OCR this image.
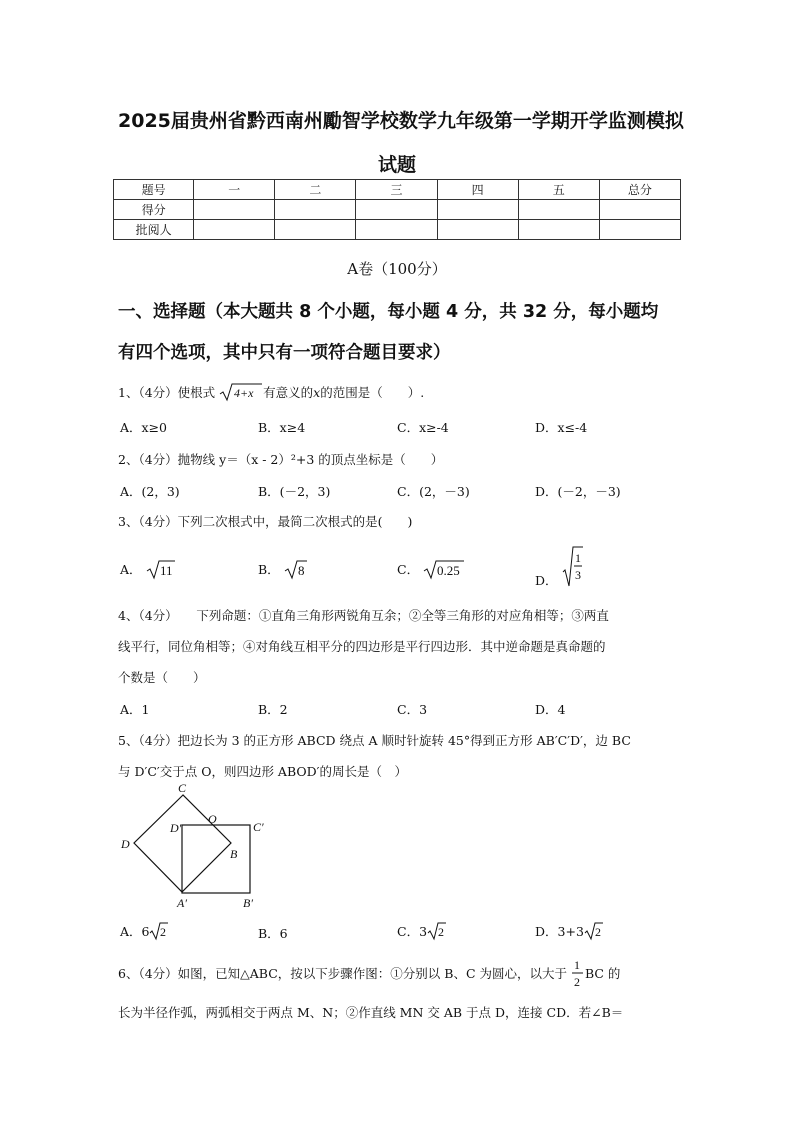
2025届贵州省黔西南州勵智学校数学九年级第一学期开学监测模拟
试题
题号	一	二	三	四	五	总分
得分						
批阅人						
A卷（100分）
一、选择题（本大题共 8 个小题，每小题 4 分，共 32 分，每小题均
有四个选项，其中只有一项符合题目要求）
1、（4分）使根式 4+x 有意义的x的范围是（　　）.
A．x≥0	B．x≥4	C．x≥-4	D．x≤-4
2、（4分）抛物线 y＝（x - 2）²+3 的顶点坐标是（　　）
A．(2，3)	B．(－2，3)	C．(2，－3)	D．(－2，－3)
3、（4分）下列二次根式中，最简二次根式的是(　　)
A． 11	B． 8	C． 0.25
D．
1
3
4、（4分）　　下列命题：①直角三角形两锐角互余；②全等三角形的对应角相等；③两直
线平行，同位角相等；④对角线互相平分的四边形是平行四边形．其中逆命题是真命题的
个数是（　　）
A．1	B．2	C．3	D．4
5、（4分）把边长为 3 的正方形 ABCD 绕点 A 顺时针旋转 45°得到正方形 AB′C′D′，边 BC
与 D′C′交于点 O，则四边形 ABOD′的周长是（　）
C
O
D′	C′
D
B
A′	B′
A．6 2	B．6	C．3 2	D．3+3 2
6、（4分）如图，已知△ABC，按以下步骤作图：①分别以 B、C 为圆心，以大于
1
2
BC 的
长为半径作弧，两弧相交于两点 M、N；②作直线 MN 交 AB 于点 D，连接 CD．若∠B＝
